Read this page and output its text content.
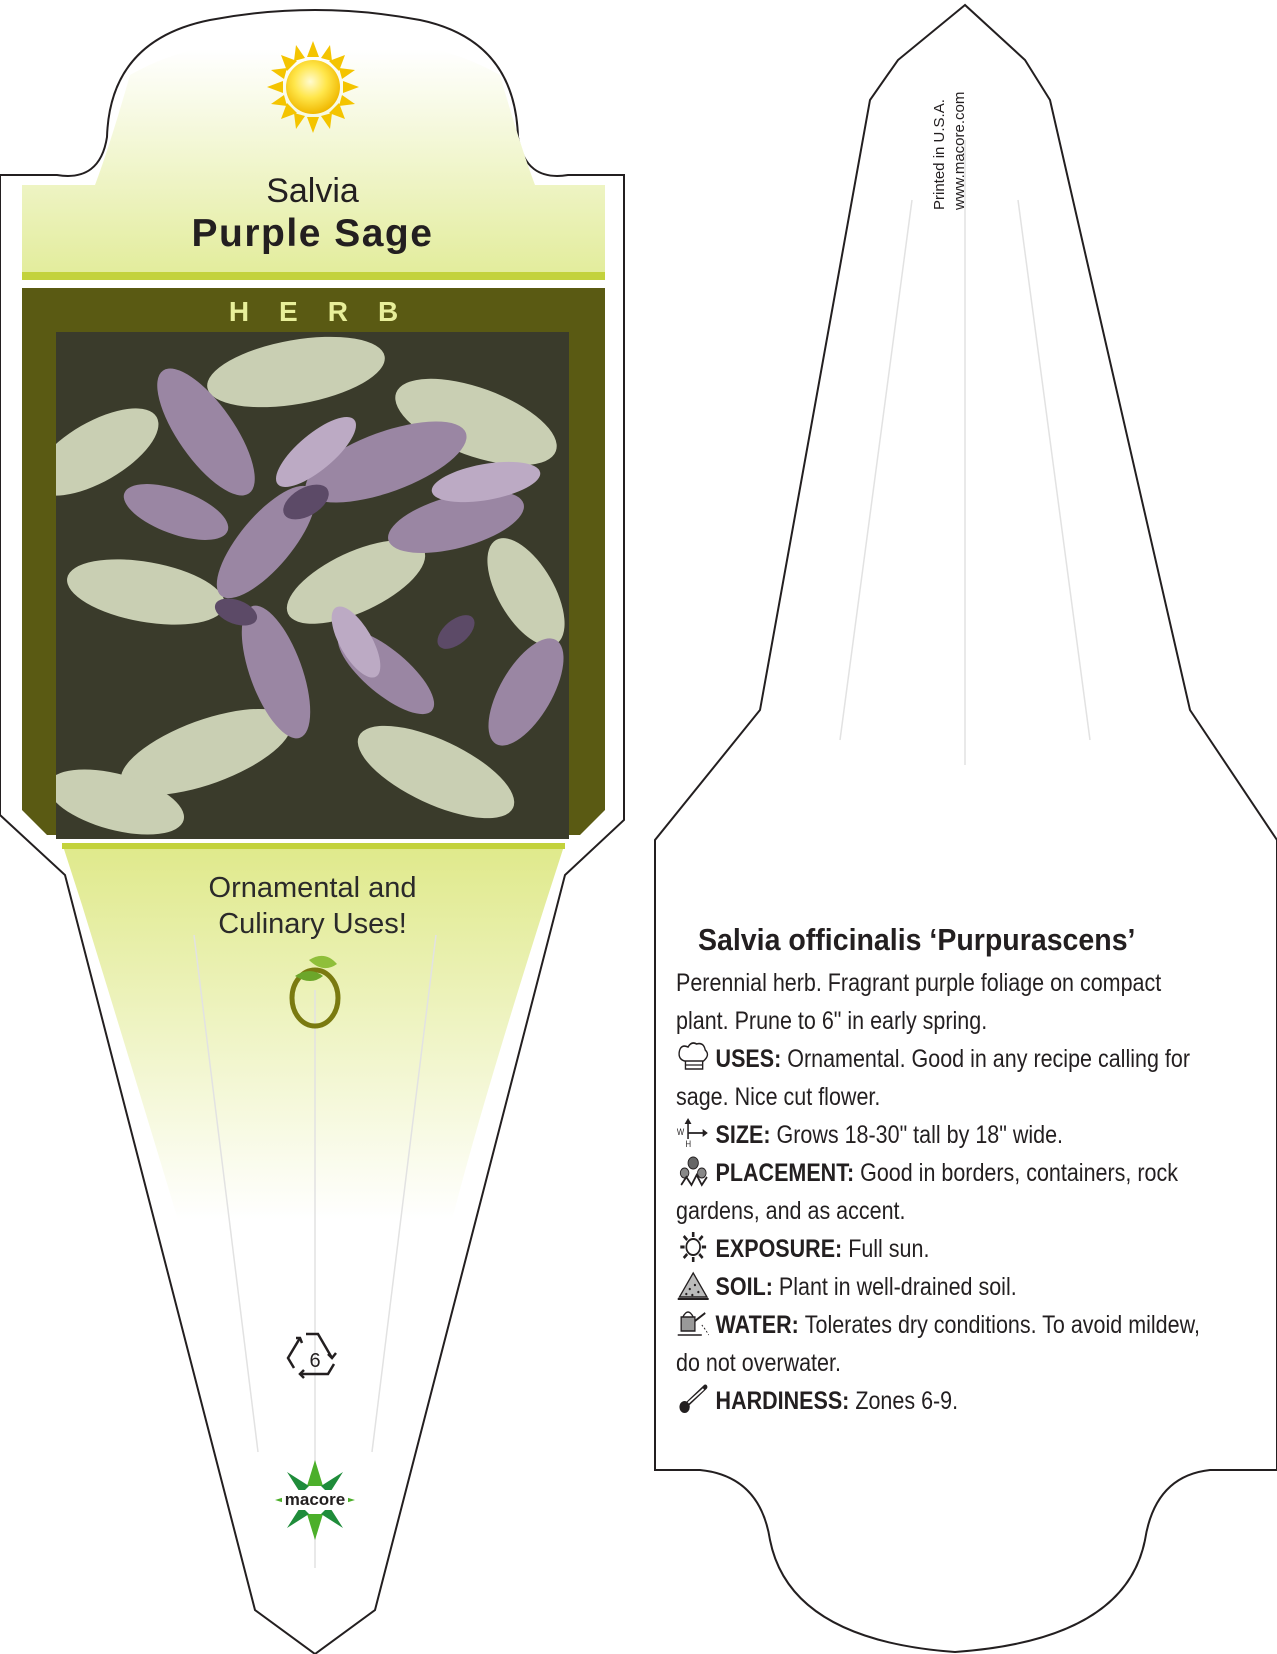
Salvia
Purple Sage
HERB
Ornamental and
Culinary Uses!
6
macore
Printed in U.S.A. www.macore.com
Salvia officinalis ‘Purpurascens’
Perennial herb. Fragrant purple foliage on compact plant. Prune to 6" in early spring.
USES: Ornamental. Good in any recipe calling for sage. Nice cut flower.
W
H SIZE: Grows 18-30" tall by 18" wide.
PLACEMENT: Good in borders, containers, rock gardens, and as accent.
EXPOSURE: Full sun.
SOIL: Plant in well-drained soil.
WATER: Tolerates dry conditions. To avoid mildew, do not overwater.
HARDINESS: Zones 6-9.
